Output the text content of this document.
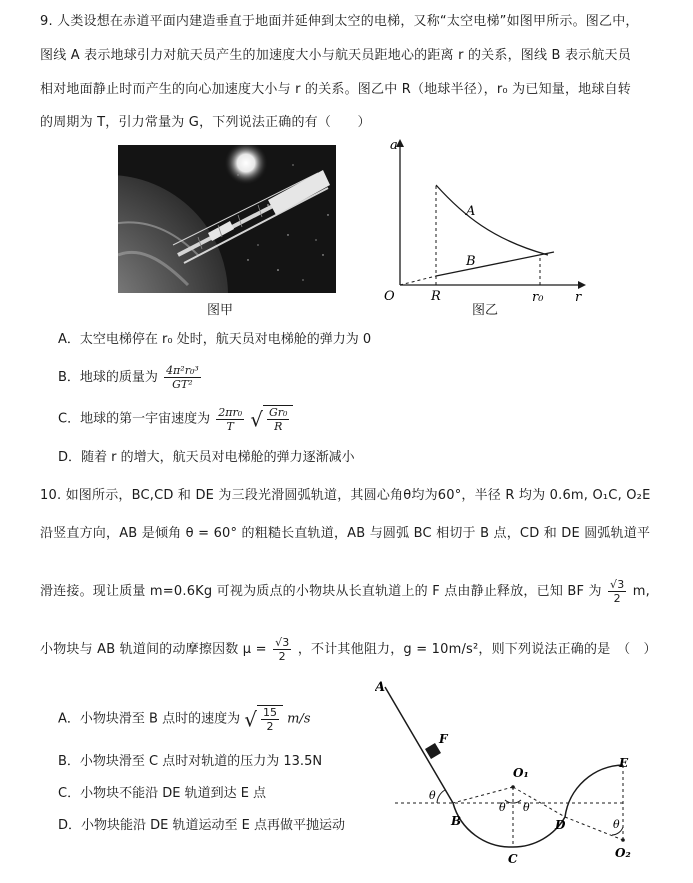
9. 人类设想在赤道平面内建造垂直于地面并延伸到太空的电梯，又称“太空电梯”如图甲所示。图乙中，
图线 A 表示地球引力对航天员产生的加速度大小与航天员距地心的距离 r 的关系，图线 B 表示航天员
相对地面静止时而产生的向心加速度大小与 r 的关系。图乙中 R（地球半径），r₀ 为已知量，地球自转
的周期为 T，引力常量为 G，下列说法正确的有（　　）
图甲
a
r
O	R	r₀
A
B
图乙
A．太空电梯停在 r₀ 处时，航天员对电梯舱的弹力为 0
B．地球的质量为 $\frac{\text{4π²r₀³}}{\text{GT²}}$
C．地球的第一宇宙速度为 $\frac{\text{2πr₀}}{T}$ √ $\frac{\text{Gr₀}}{R}$
D．随着 r 的增大，航天员对电梯舱的弹力逐渐减小
10. 如图所示，BC,CD 和 DE 为三段光滑圆弧轨道，其圆心角θ均为60°，半径 R 均为 0.6m, O₁C, O₂E
沿竖直方向，AB 是倾角 θ = 60° 的粗糙长直轨道，AB 与圆弧 BC 相切于 B 点，CD 和 DE 圆弧轨道平
滑连接。现让质量 m=0.6Kg 可视为质点的小物块从长直轨道上的 F 点由静止释放，已知 BF 为 $\frac{√3}{2} m$,
小物块与 AB 轨道间的动摩擦因数 $\mu = \frac{√3}{2}$ ，不计其他阻力，g = 10m/s²，则下列说法正确的是　（　）
A．小物块滑至 B 点时的速度为 √ $\frac{15}{2} m/s$
B．小物块滑至 C 点时对轨道的压力为 13.5N
C．小物块不能沿 DE 轨道到达 E 点
D．小物块能沿 DE 轨道运动至 E 点再做平抛运动
A
F
B
C
D
E
O₁
O₂
θ
θ θ
θ
